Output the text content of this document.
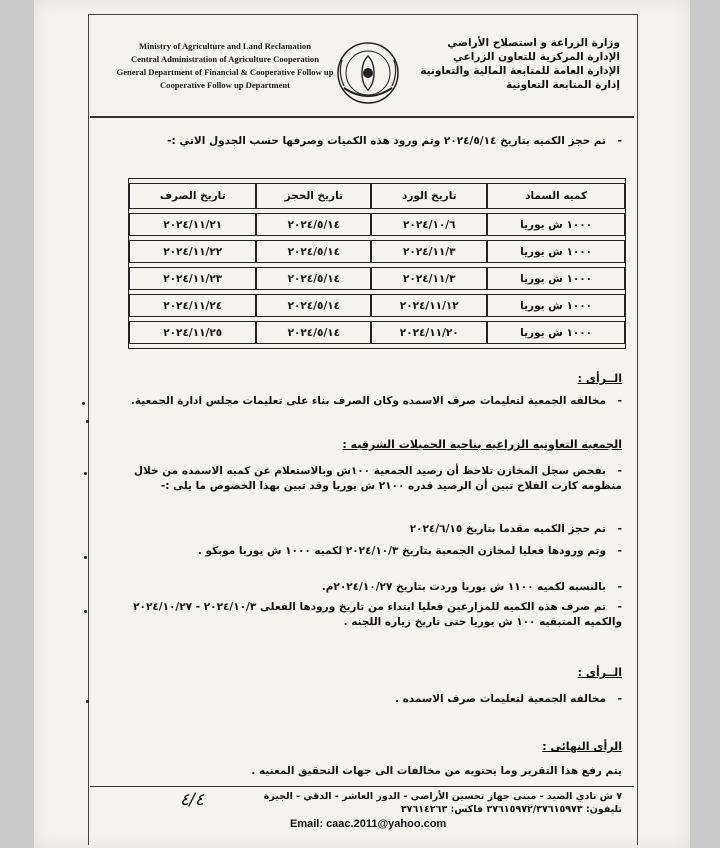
Ministry of Agriculture and Land Reclamation
Central Administration of Agriculture Cooperation
General Department of Financial & Cooperative Follow up
Cooperative Follow up Department
وزارة الزراعة و استصلاح الأراضي
الإدارة المركزية للتعاون الزراعي
الإدارة العامة للمتابعة المالية والتعاونية
إدارة المتابعة التعاونية
-تم حجز الكميه بتاريخ ٢٠٢٤/٥/١٤ وتم ورود هذه الكميات وصرفها حسب الجدول الاتي :-
كميه السماد	تاريخ الورد	تاريخ الحجز	تاريخ الصرف
١٠٠٠ ش يوريا	٢٠٢٤/١٠/٦	٢٠٢٤/٥/١٤	٢٠٢٤/١١/٢١
١٠٠٠ ش يوريا	٢٠٢٤/١١/٣	٢٠٢٤/٥/١٤	٢٠٢٤/١١/٢٢
١٠٠٠ ش يوريا	٢٠٢٤/١١/٣	٢٠٢٤/٥/١٤	٢٠٢٤/١١/٢٣
١٠٠٠ ش يوريا	٢٠٢٤/١١/١٢	٢٠٢٤/٥/١٤	٢٠٢٤/١١/٢٤
١٠٠٠ ش يوريا	٢٠٢٤/١١/٢٠	٢٠٢٤/٥/١٤	٢٠٢٤/١١/٢٥
الــرأى :
-مخالفه الجمعية لتعليمات صرف الاسمده وكان الصرف بناء على تعليمات مجلس ادارة الجمعية.
الجمعيه التعاونيه الزراعيه بناحيه الحميلات الشرقيه :
-بفحص سجل المخازن تلاحظ أن رصيد الجمعية ١٠٠ش وبالاستعلام عن كميه الاسمده من خلال منظومه كارت الفلاح تبين أن الرصيد قدره ٢١٠٠ ش يوريا وقد تبين بهذا الخصوص ما يلى :-
-تم حجز الكميه مقدما بتاريخ ٢٠٢٤/٦/١٥
-وتم ورودها فعليا لمخازن الجمعية بتاريخ ٢٠٢٤/١٠/٣ لكميه ١٠٠٠ ش يوريا موبكو .
-بالنسبه لكميه ١١٠٠ ش يوريا وردت بتاريخ ٢٠٢٤/١٠/٢٧م.
-تم صرف هذه الكميه للمزارعين فعليا ابتداء من تاريخ ورودها الفعلى ٢٠٢٤/١٠/٣ - ٢٠٢٤/١٠/٢٧ والكميه المتبقيه ١٠٠ ش يوريا حتى تاريخ زياره اللجنه .
الــرأى :
-مخالفه الجمعية لتعليمات صرف الاسمده .
الرأى النهائى :
يتم رفع هذا التقرير وما يحتويه من مخالفات الى جهات التحقيق المعنيه .
٧ ش نادي الصيد - مبنى جهاز تحسين الأراضي - الدور العاشر - الدقي - الجيزة
تليفون: ٣٧٦١٥٩٧٢/٣٧٦١٥٩٧٣ فاكس: ٣٧٦١٤٢٦٣
Email: caac.2011@yahoo.com
٤/٤
